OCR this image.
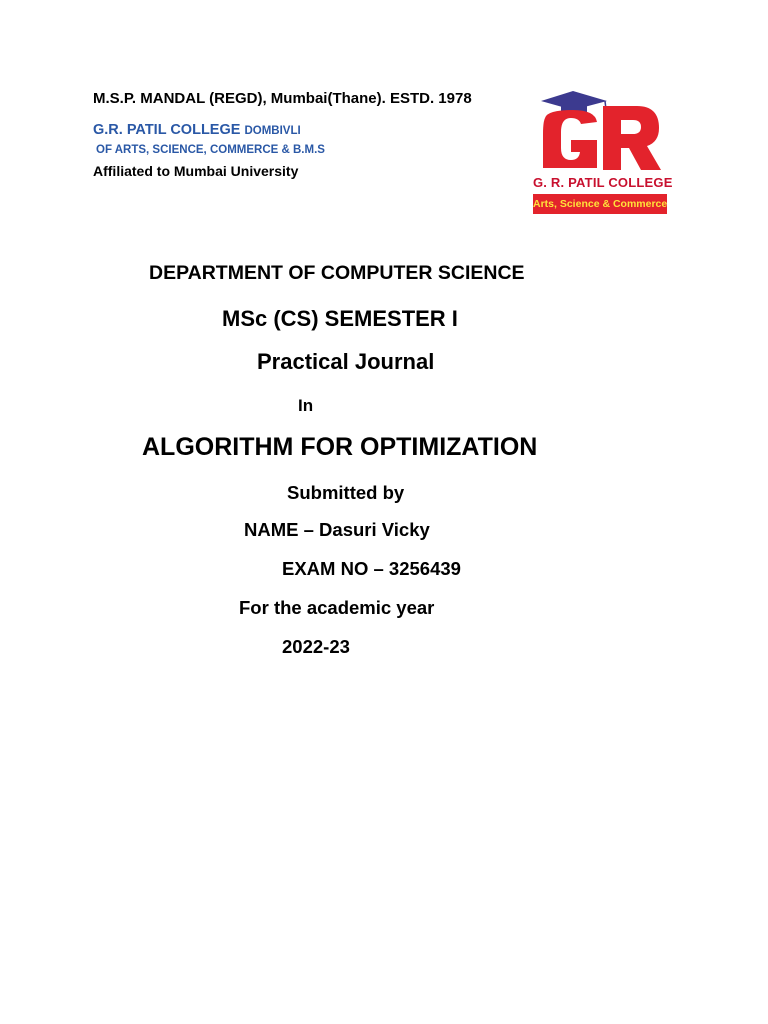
M.S.P. MANDAL (REGD), Mumbai(Thane). ESTD. 1978
G.R. PATIL COLLEGE DOMBIVLI
OF ARTS, SCIENCE, COMMERCE & B.M.S
Affiliated to Mumbai University
G. R. PATIL COLLEGE
Arts, Science & Commerce
DEPARTMENT OF COMPUTER SCIENCE
MSc (CS) SEMESTER I
Practical Journal
In
ALGORITHM FOR OPTIMIZATION
Submitted by
NAME – Dasuri Vicky
EXAM NO – 3256439
For the academic year
2022-23
